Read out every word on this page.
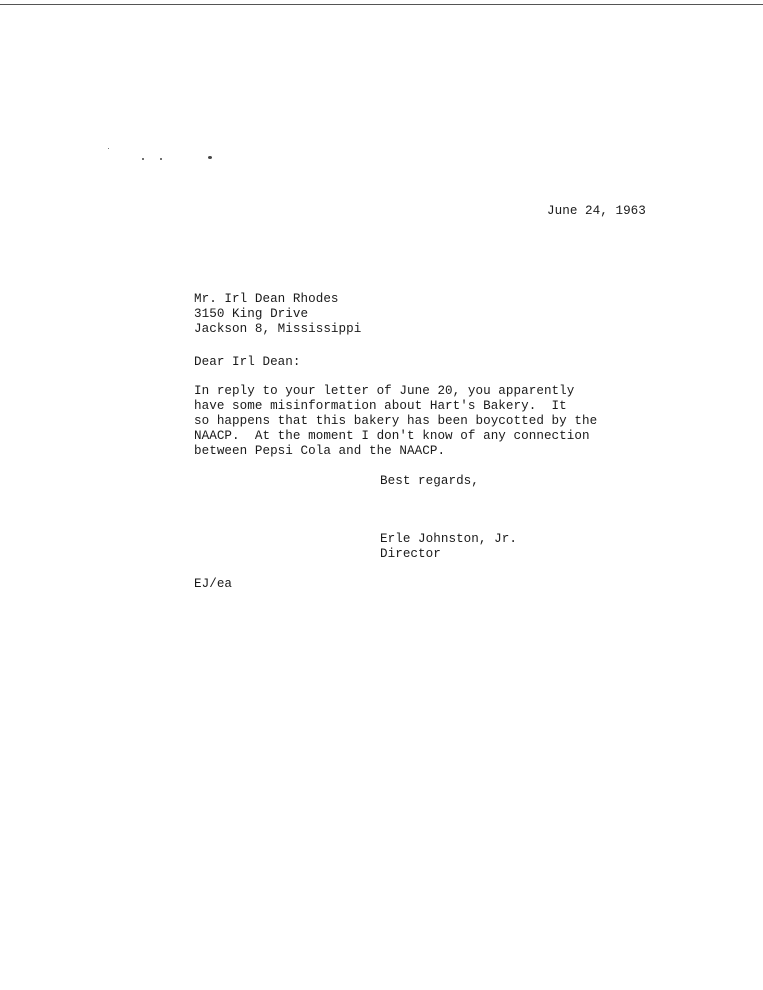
June 24, 1963
Mr. Irl Dean Rhodes
3150 King Drive
Jackson 8, Mississippi
Dear Irl Dean:
In reply to your letter of June 20, you apparently
have some misinformation about Hart's Bakery.  It
so happens that this bakery has been boycotted by the
NAACP.  At the moment I don't know of any connection
between Pepsi Cola and the NAACP.
Best regards,
Erle Johnston, Jr.
Director
EJ/ea
